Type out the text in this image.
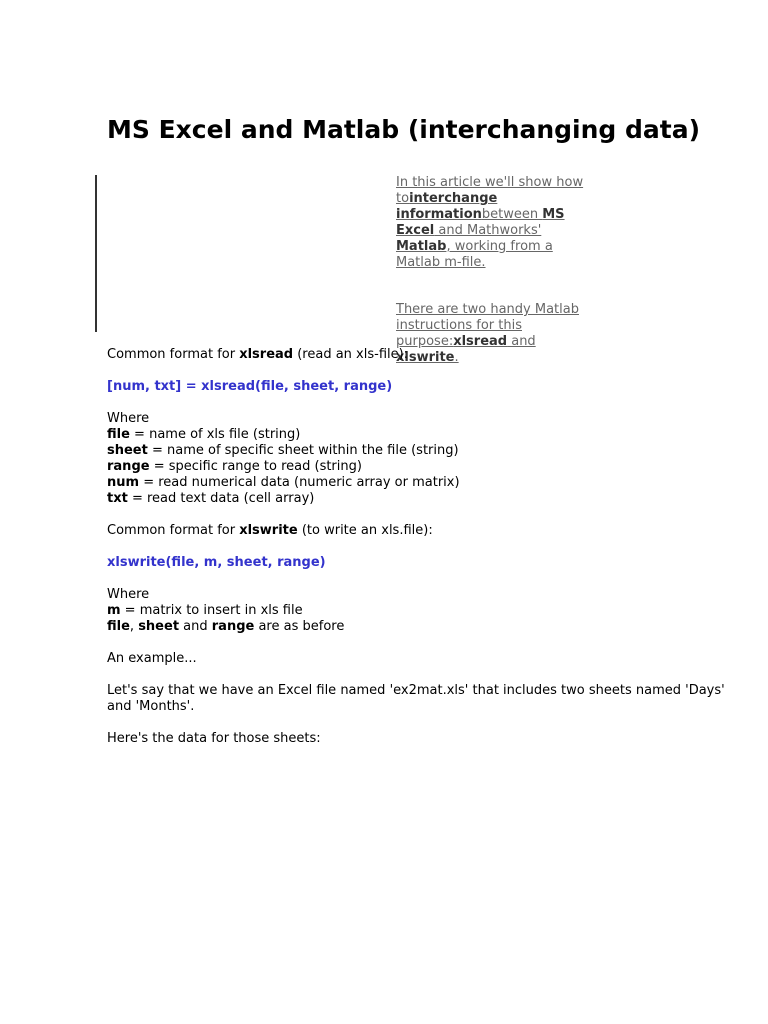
MS Excel and Matlab (interchanging data)

In this article we'll show how tointerchange informationbetween MS Excel and Mathworks' Matlab, working from a Matlab m-file.

There are two handy Matlab instructions for this purpose:xlsread and xlswrite.

Common format for xlsread (read an xls-file):

[num, txt] = xlsread(file, sheet, range)

Where
file = name of xls file (string)
sheet = name of specific sheet within the file (string)
range = specific range to read (string)
num = read numerical data (numeric array or matrix)
txt = read text data (cell array)

Common format for xlswrite (to write an xls.file):

xlswrite(file, m, sheet, range)

Where
m = matrix to insert in xls file
file, sheet and range are as before

An example...

Let's say that we have an Excel file named 'ex2mat.xls' that includes two sheets named 'Days' and 'Months'.

Here's the data for those sheets:
